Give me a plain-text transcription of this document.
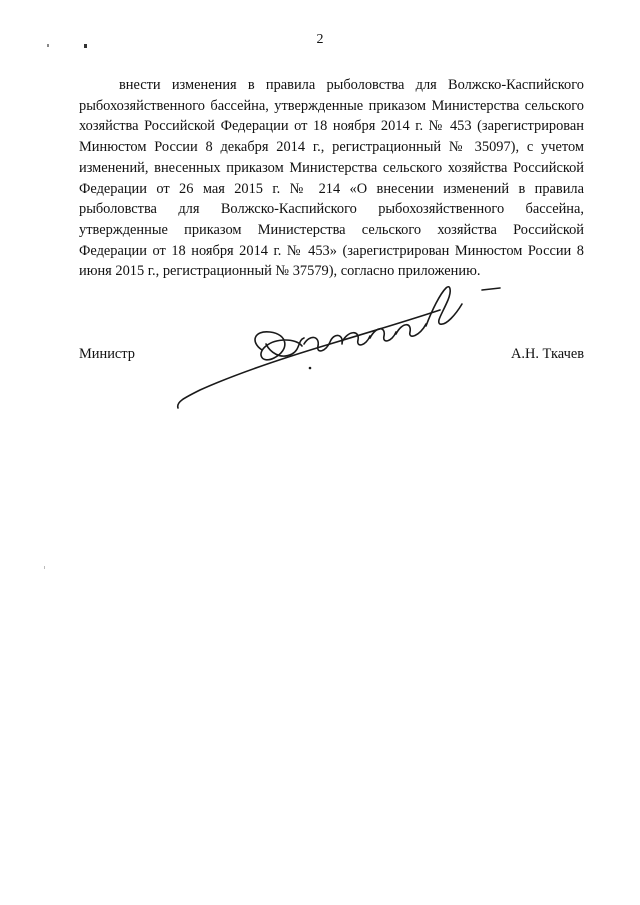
2

внести изменения в правила рыболовства для Волжско-Каспийского рыбохозяйственного бассейна, утвержденные приказом Министерства сельского хозяйства Российской Федерации от 18 ноября 2014 г. № 453 (зарегистрирован Минюстом России 8 декабря 2014 г., регистрационный № 35097), с учетом изменений, внесенных приказом Министерства сельского хозяйства Российской Федерации от 26 мая 2015 г. № 214 «О внесении изменений в правила рыболовства для Волжско-Каспийского рыбохозяйственного бассейна, утвержденные приказом Министерства сельского хозяйства Российской Федерации от 18 ноября 2014 г. № 453» (зарегистрирован Минюстом России 8 июня 2015 г., регистрационный № 37579), согласно приложению.

Министр	А.Н. Ткачев
